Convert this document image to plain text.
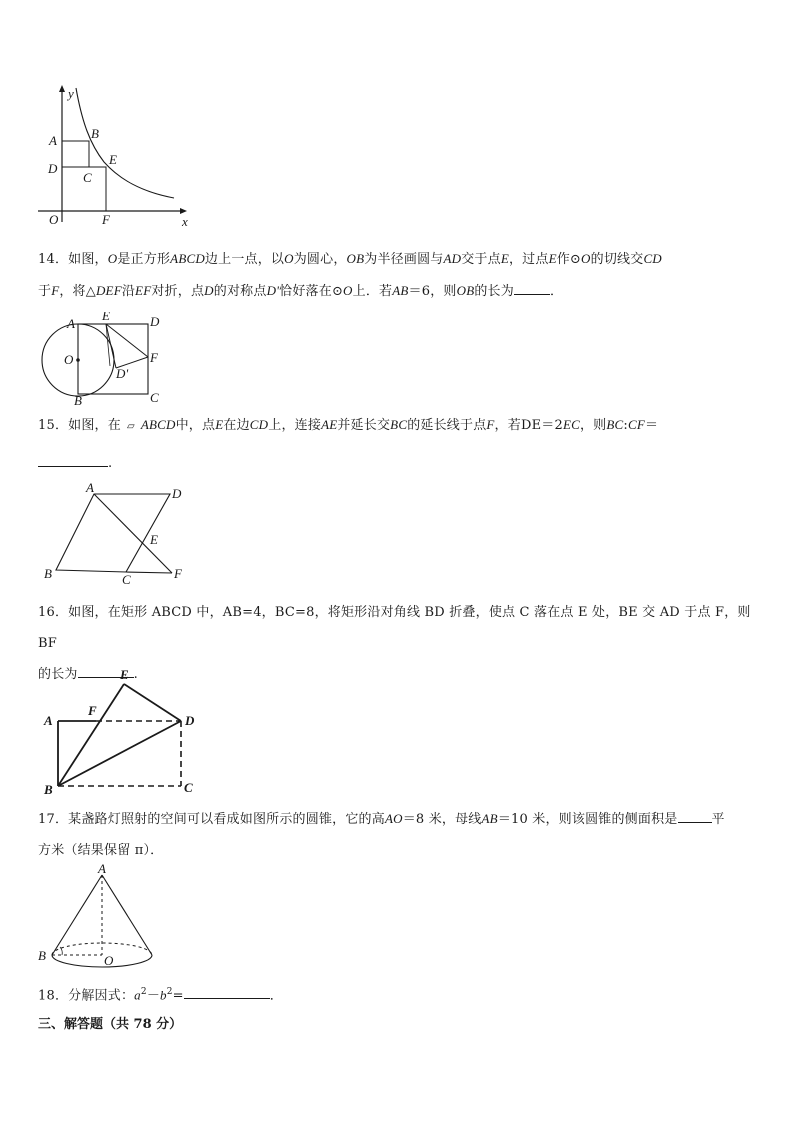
y
x
A	B
D
C
E
O	F
14．如图，O是正方形ABCD边上一点，以O为圆心，OB为半径画圆与AD交于点E，过点E作⊙O的切线交CD
于F，将△DEF沿EF对折，点D的对称点D'恰好落在⊙O上．若AB＝6，则OB的长为	．
A
E	D
O	F
D'
B	C
15．如图，在 ▱ ABCD中，点E在边CD上，连接AE并延长交BC的延长线于点F，若DE＝2EC，则BC:CF＝
.
A	D
E
B	C	F
16．如图，在矩形 ABCD 中，AB=4，BC=8，将矩形沿对角线 BD 折叠，使点 C 落在点 E 处，BE 交 AD 于点 F，则 BF
的长为	.
E
A
F
D
B	C
17．某盏路灯照射的空间可以看成如图所示的圆锥，它的高AO＝8 米，母线AB＝10 米，则该圆锥的侧面积是	平
方米（结果保留 π）．
A
B	O
18．分解因式：$a^2-b^2=$	．
三、解答题（共 78 分）
